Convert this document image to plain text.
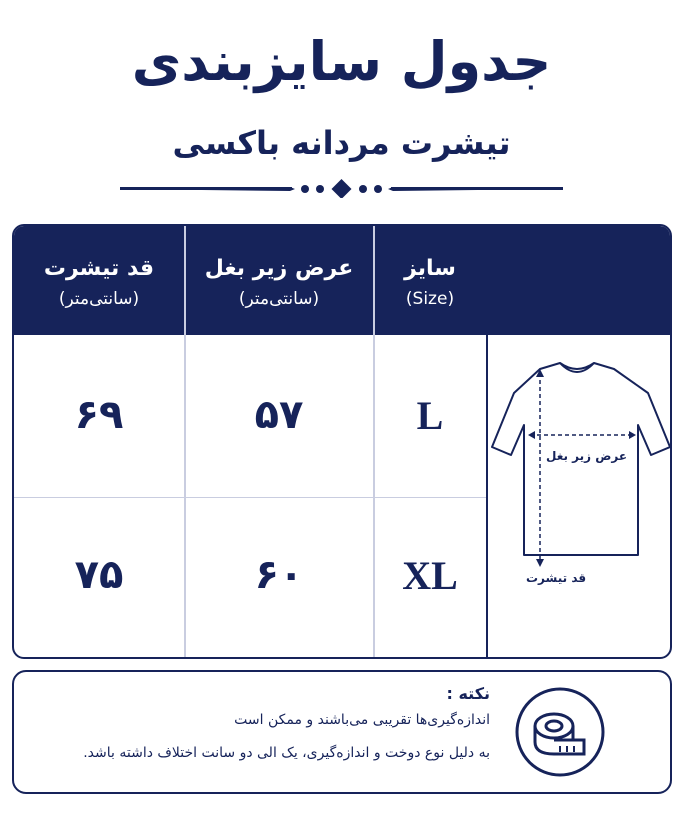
جدول سایزبندی
تیشرت مردانه باکسی
سایز
(Size)
عرض زیر بغل
(سانتی‌متر)
قد تیشرت
(سانتی‌متر)
L
۵۷
۶۹
XL
۶۰
۷۵
عرض زیر بغل
قد تیشرت
نکته :
اندازه‌گیری‌ها تقریبی می‌باشند و ممکن است
به دلیل نوع دوخت و اندازه‌گیری، یک الی دو سانت اختلاف داشته باشد.
